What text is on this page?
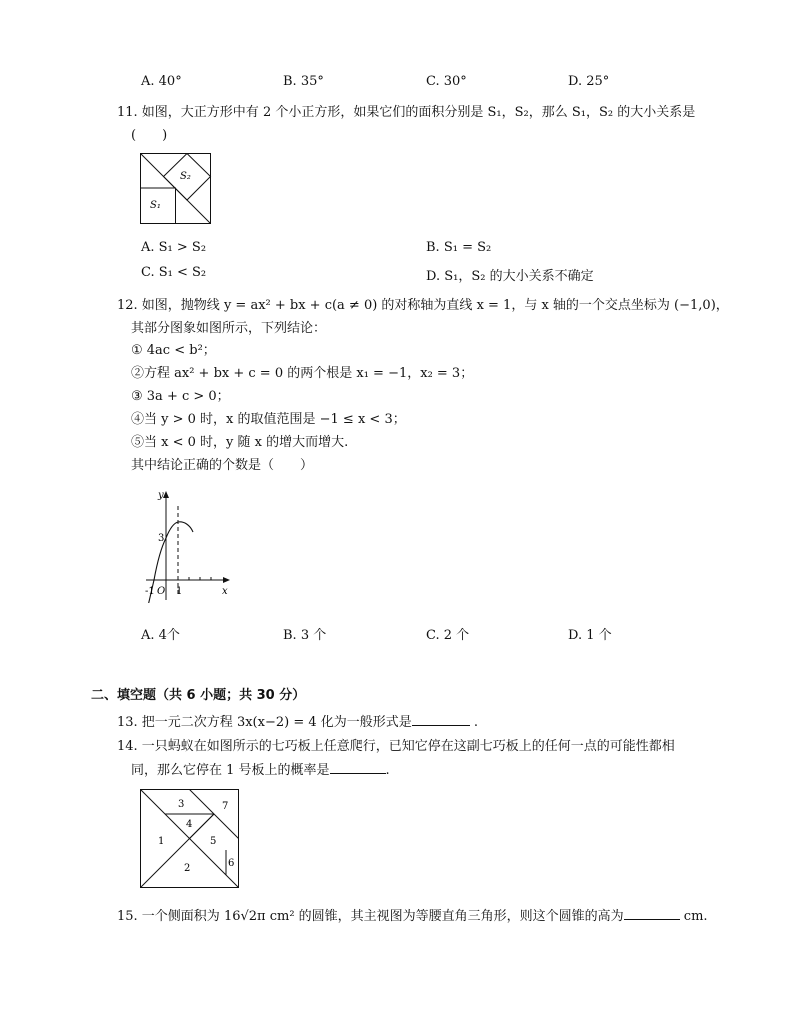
A. 40°	B. 35°	C. 30°	D. 25°
11. 如图，大正方形中有 2 个小正方形，如果它们的面积分别是 S₁，S₂，那么 S₁，S₂ 的大小关系是
(　　)
S₂
S₁
A. S₁ > S₂	B. S₁ = S₂
C. S₁ < S₂	D. S₁，S₂ 的大小关系不确定
12. 如图，抛物线 y = ax² + bx + c(a ≠ 0) 的对称轴为直线 x = 1，与 x 轴的一个交点坐标为 (−1,0)，
其部分图象如图所示，下列结论：
① 4ac < b²；
②方程 ax² + bx + c = 0 的两个根是 x₁ = −1，x₂ = 3；
③ 3a + c > 0；
④当 y > 0 时，x 的取值范围是 −1 ≤ x < 3；
⑤当 x < 0 时，y 随 x 的增大而增大.
其中结论正确的个数是（　　）
y
x
3
-1 O 1
A. 4个	B. 3 个	C. 2 个	D. 1 个
二、填空题（共 6 小题；共 30 分）
13. 把一元二次方程 3x(x−2) = 4 化为一般形式是	.
14. 一只蚂蚁在如图所示的七巧板上任意爬行，已知它停在这副七巧板上的任何一点的可能性都相
同，那么它停在 1 号板上的概率是	.
3	7
4
1	5
6
2
15. 一个侧面积为 16√2π cm² 的圆锥，其主视图为等腰直角三角形，则这个圆锥的高为	cm.
